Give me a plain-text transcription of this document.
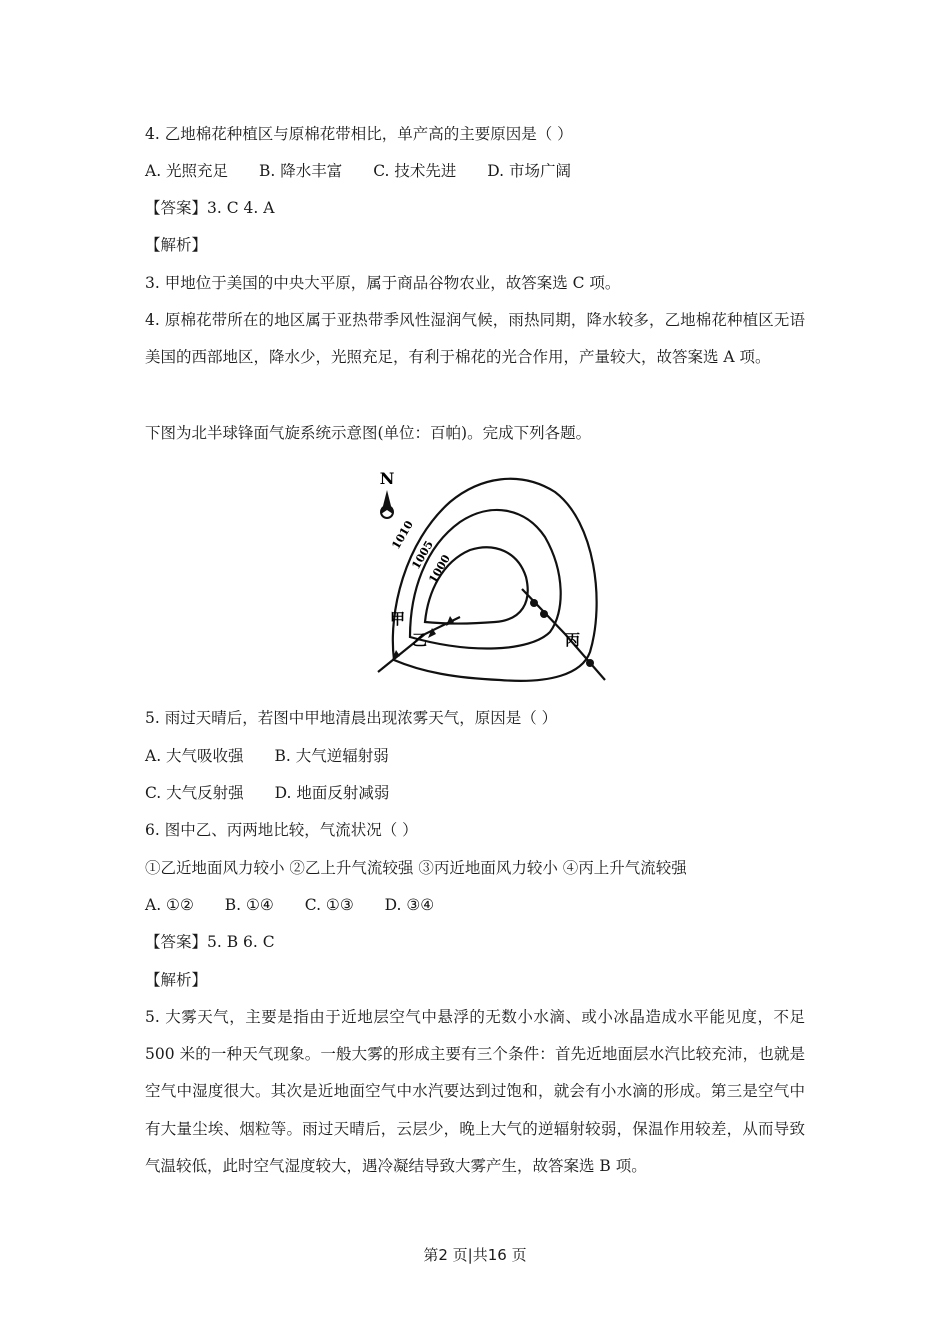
4. 乙地棉花种植区与原棉花带相比，单产高的主要原因是（ ）
A. 光照充足 B. 降水丰富 C. 技术先进 D. 市场广阔
【答案】3. C 4. A
【解析】
3. 甲地位于美国的中央大平原，属于商品谷物农业，故答案选 C 项。
4. 原棉花带所在的地区属于亚热带季风性湿润气候，雨热同期，降水较多，乙地棉花种植区无语美国的西部地区，降水少，光照充足，有利于棉花的光合作用，产量较大，故答案选 A 项。
下图为北半球锋面气旋系统示意图(单位：百帕)。完成下列各题。
N
1010
1005
1000
甲
乙	丙
5. 雨过天晴后，若图中甲地清晨出现浓雾天气，原因是（ ）
A. 大气吸收强 B. 大气逆辐射弱
C. 大气反射强 D. 地面反射减弱
6. 图中乙、丙两地比较，气流状况（ ）
①乙近地面风力较小 ②乙上升气流较强 ③丙近地面风力较小 ④丙上升气流较强
A. ①② B. ①④ C. ①③ D. ③④
【答案】5. B 6. C
【解析】
5. 大雾天气，主要是指由于近地层空气中悬浮的无数小水滴、或小冰晶造成水平能见度，不足 500 米的一种天气现象。一般大雾的形成主要有三个条件：首先近地面层水汽比较充沛，也就是空气中湿度很大。其次是近地面空气中水汽要达到过饱和，就会有小水滴的形成。第三是空气中有大量尘埃、烟粒等。雨过天晴后，云层少，晚上大气的逆辐射较弱，保温作用较差，从而导致气温较低，此时空气湿度较大，遇冷凝结导致大雾产生，故答案选 B 项。
第2 页|共16 页
